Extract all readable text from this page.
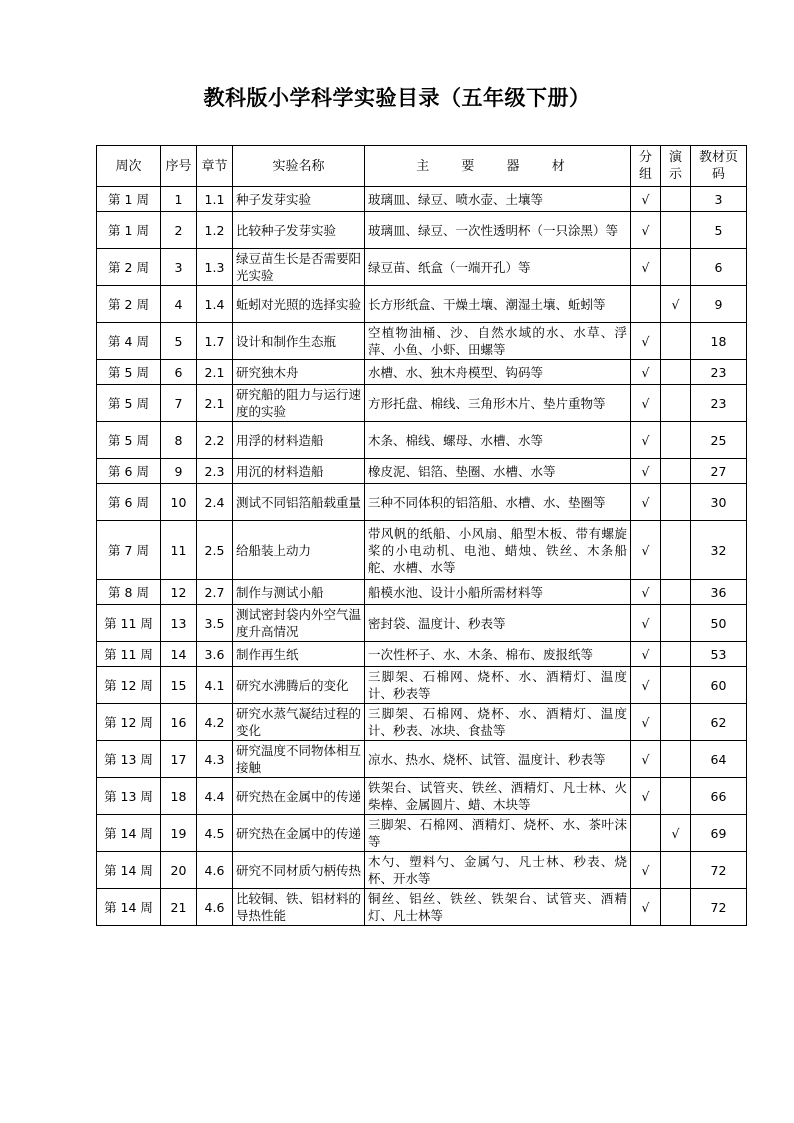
教科版小学科学实验目录（五年级下册）
周次	序号	章节	实验名称	主 要 器 材	分组	演示	教材页码
第 1 周	1	1.1	种子发芽实验	玻璃皿、绿豆、喷水壶、土壤等	√		3
第 1 周	2	1.2	比较种子发芽实验	玻璃皿、绿豆、一次性透明杯（一只涂黑）等	√		5
第 2 周	3	1.3	绿豆苗生长是否需要阳光实验	绿豆苗、纸盒（一端开孔）等	√		6
第 2 周	4	1.4	蚯蚓对光照的选择实验	长方形纸盒、干燥土壤、潮湿土壤、蚯蚓等		√	9
第 4 周	5	1.7	设计和制作生态瓶	空植物油桶、沙、自然水域的水、水草、浮萍、小鱼、小虾、田螺等	√		18
第 5 周	6	2.1	研究独木舟	水槽、水、独木舟模型、钩码等	√		23
第 5 周	7	2.1	研究船的阻力与运行速度的实验	方形托盘、棉线、三角形木片、垫片重物等	√		23
第 5 周	8	2.2	用浮的材料造船	木条、棉线、螺母、水槽、水等	√		25
第 6 周	9	2.3	用沉的材料造船	橡皮泥、铝箔、垫圈、水槽、水等	√		27
第 6 周	10	2.4	测试不同铝箔船载重量	三种不同体积的铝箔船、水槽、水、垫圈等	√		30
第 7 周	11	2.5	给船装上动力	带风帆的纸船、小风扇、船型木板、带有螺旋桨的小电动机、电池、蜡烛、铁丝、木条船舵、水槽、水等	√		32
第 8 周	12	2.7	制作与测试小船	船模水池、设计小船所需材料等	√		36
第 11 周	13	3.5	测试密封袋内外空气温度升高情况	密封袋、温度计、秒表等	√		50
第 11 周	14	3.6	制作再生纸	一次性杯子、水、木条、棉布、废报纸等	√		53
第 12 周	15	4.1	研究水沸腾后的变化	三脚架、石棉网、烧杯、水、酒精灯、温度计、秒表等	√		60
第 12 周	16	4.2	研究水蒸气凝结过程的变化	三脚架、石棉网、烧杯、水、酒精灯、温度计、秒表、冰块、食盐等	√		62
第 13 周	17	4.3	研究温度不同物体相互接触	凉水、热水、烧杯、试管、温度计、秒表等	√		64
第 13 周	18	4.4	研究热在金属中的传递	铁架台、试管夹、铁丝、酒精灯、凡士林、火柴棒、金属圆片、蜡、木块等	√		66
第 14 周	19	4.5	研究热在金属中的传递	三脚架、石棉网、酒精灯、烧杯、水、茶叶沫等		√	69
第 14 周	20	4.6	研究不同材质勺柄传热	木勺、塑料勺、金属勺、凡士林、秒表、烧杯、开水等	√		72
第 14 周	21	4.6	比较铜、铁、铝材料的导热性能	铜丝、铝丝、铁丝、铁架台、试管夹、酒精灯、凡士林等	√		72
